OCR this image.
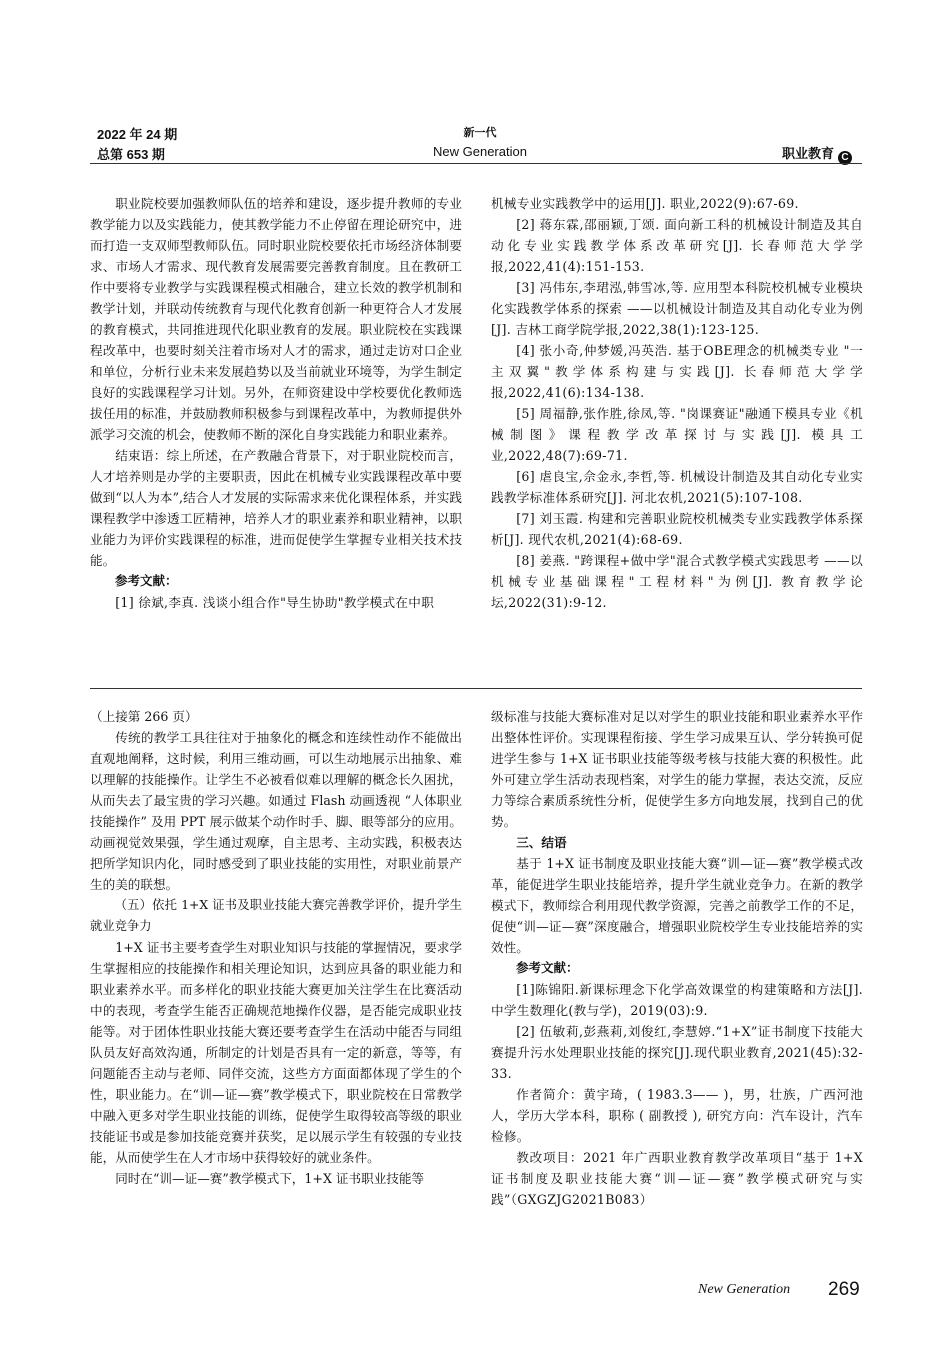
2022 年 24 期
总第 653 期
新一代
New Generation	职业教育 C

职业院校要加强教师队伍的培养和建设，逐步提升教师的专业教学能力以及实践能力，使其教学能力不止停留在理论研究中，进而打造一支双师型教师队伍。同时职业院校要依托市场经济体制要求、市场人才需求、现代教育发展需要完善教育制度。且在教研工作中要将专业教学与实践课程模式相融合，建立长效的教学机制和教学计划，并联动传统教育与现代化教育创新一种更符合人才发展的教育模式，共同推进现代化职业教育的发展。职业院校在实践课程改革中，也要时刻关注着市场对人才的需求，通过走访对口企业和单位，分析行业未来发展趋势以及当前就业环境等，为学生制定良好的实践课程学习计划。另外，在师资建设中学校要优化教师选拔任用的标准，并鼓励教师积极参与到课程改革中，为教师提供外派学习交流的机会，使教师不断的深化自身实践能力和职业素养。

结束语：综上所述，在产教融合背景下，对于职业院校而言，人才培养则是办学的主要职责，因此在机械专业实践课程改革中要做到“以人为本”,结合人才发展的实际需求来优化课程体系，并实践课程教学中渗透工匠精神，培养人才的职业素养和职业精神，以职业能力为评价实践课程的标准，进而促使学生掌握专业相关技术技能。

参考文献：

[1] 徐斌,李真. 浅谈小组合作"导生协助"教学模式在中职

机械专业实践教学中的运用[J]. 职业,2022(9):67-69.

[2] 蒋东霖,邵丽颖,丁颂. 面向新工科的机械设计制造及其自动化专业实践教学体系改革研究[J]. 长春师范大学学报,2022,41(4):151-153.

[3] 冯伟东,李珺泓,韩雪冰,等. 应用型本科院校机械专业模块化实践教学体系的探索 ——以机械设计制造及其自动化专业为例[J]. 吉林工商学院学报,2022,38(1):123-125.

[4] 张小奇,仲梦媛,冯英浩. 基于OBE理念的机械类专业 "一主双翼"教学体系构建与实践[J]. 长春师范大学学报,2022,41(6):134-138.

[5] 周福静,张作胜,徐凤,等. "岗课赛证"融通下模具专业《机械制图》课程教学改革探讨与实践[J]. 模具工业,2022,48(7):69-71.

[6] 虐良宝,佘金永,李哲,等. 机械设计制造及其自动化专业实践教学标准体系研究[J]. 河北农机,2021(5):107-108.

[7] 刘玉霞. 构建和完善职业院校机械类专业实践教学体系探析[J]. 现代农机,2021(4):68-69.

[8] 姜燕. "跨课程+做中学"混合式教学模式实践思考 ——以机械专业基础课程"工程材料"为例[J]. 教育教学论坛,2022(31):9-12.

（上接第 266 页）

传统的教学工具往往对于抽象化的概念和连续性动作不能做出直观地阐释，这时候，利用三维动画，可以生动地展示出抽象、难以理解的技能操作。让学生不必被看似难以理解的概念长久困扰，从而失去了最宝贵的学习兴趣。如通过 Flash 动画透视 “人体职业技能操作” 及用 PPT 展示做某个动作时手、脚、眼等部分的应用。动画视觉效果强，学生通过观摩，自主思考、主动实践，积极表达把所学知识内化，同时感受到了职业技能的实用性，对职业前景产生的美的联想。

（五）依托 1+X 证书及职业技能大赛完善教学评价，提升学生就业竞争力

1+X 证书主要考查学生对职业知识与技能的掌握情况，要求学生掌握相应的技能操作和相关理论知识，达到应具备的职业能力和职业素养水平。而多样化的职业技能大赛更加关注学生在比赛活动中的表现，考查学生能否正确规范地操作仪器，是否能完成职业技能等。对于团体性职业技能大赛还要考查学生在活动中能否与同组队员友好高效沟通，所制定的计划是否具有一定的新意，等等，有问题能否主动与老师、同伴交流，这些方方面面都体现了学生的个性，职业能力。在“训—证—赛”教学模式下，职业院校在日常教学中融入更多对学生职业技能的训练，促使学生取得较高等级的职业技能证书或是参加技能竞赛并获奖，足以展示学生有较强的专业技能，从而使学生在人才市场中获得较好的就业条件。

同时在“训—证—赛”教学模式下，1+X 证书职业技能等

级标准与技能大赛标准对足以对学生的职业技能和职业素养水平作出整体性评价。实现课程衔接、学生学习成果互认、学分转换可促进学生参与 1+X 证书职业技能等级考核与技能大赛的积极性。此外可建立学生活动表现档案，对学生的能力掌握，表达交流，反应力等综合素质系统性分析，促使学生多方向地发展，找到自己的优势。

三、结语

基于 1+X 证书制度及职业技能大赛“训—证—赛”教学模式改革，能促进学生职业技能培养，提升学生就业竞争力。在新的教学模式下，教师综合利用现代教学资源，完善之前教学工作的不足，促使“训—证—赛”深度融合，增强职业院校学生专业技能培养的实效性。

参考文献：

[1]陈锦阳.新课标理念下化学高效课堂的构建策略和方法[J].中学生数理化(教与学)，2019(03):9.

[2] 伍敏莉,彭燕莉,刘俊红,李慧婷.“1+X”证书制度下技能大赛提升污水处理职业技能的探究[J].现代职业教育,2021(45):32-33.

作者简介：黄宇琦，( 1983.3—— )，男，壮族，广西河池人，学历大学本科，职称 ( 副教授 ), 研究方向：汽车设计，汽车检修。

教改项目：2021 年广西职业教育教学改革项目“基于 1+X 证书制度及职业技能大赛“训—证—赛”教学模式研究与实践”（GXGZJG2021B083）

New Generation 269
